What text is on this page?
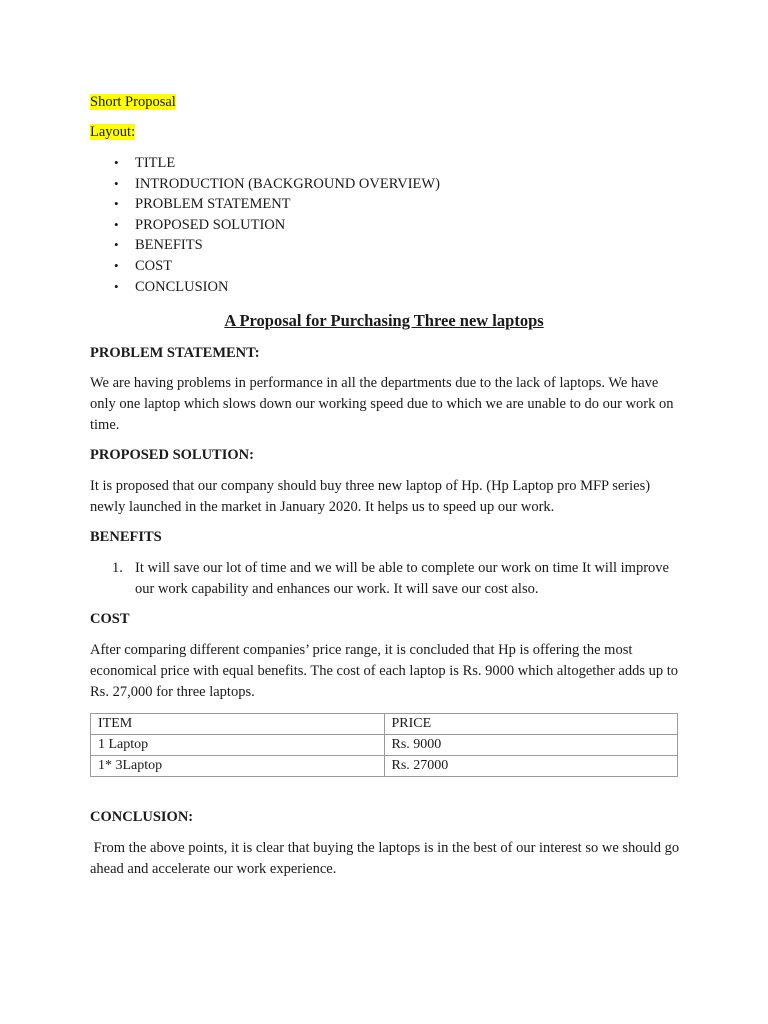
Short Proposal
Layout:
• TITLE
• INTRODUCTION (BACKGROUND OVERVIEW)
• PROBLEM STATEMENT
• PROPOSED SOLUTION
• BENEFITS
• COST
• CONCLUSION
A Proposal for Purchasing Three new laptops
PROBLEM STATEMENT:
We are having problems in performance in all the departments due to the lack of laptops. We have only one laptop which slows down our working speed due to which we are unable to do our work on time.
PROPOSED SOLUTION:
It is proposed that our company should buy three new laptop of Hp. (Hp Laptop pro MFP series) newly launched in the market in January 2020. It helps us to speed up our work.
BENEFITS
1. It will save our lot of time and we will be able to complete our work on time It will improve our work capability and enhances our work. It will save our cost also.
COST
After comparing different companies’ price range, it is concluded that Hp is offering the most economical price with equal benefits. The cost of each laptop is Rs. 9000 which altogether adds up to Rs. 27,000 for three laptops.
ITEM	PRICE
1 Laptop	Rs. 9000
1* 3Laptop	Rs. 27000
CONCLUSION:
From the above points, it is clear that buying the laptops is in the best of our interest so we should go ahead and accelerate our work experience.
